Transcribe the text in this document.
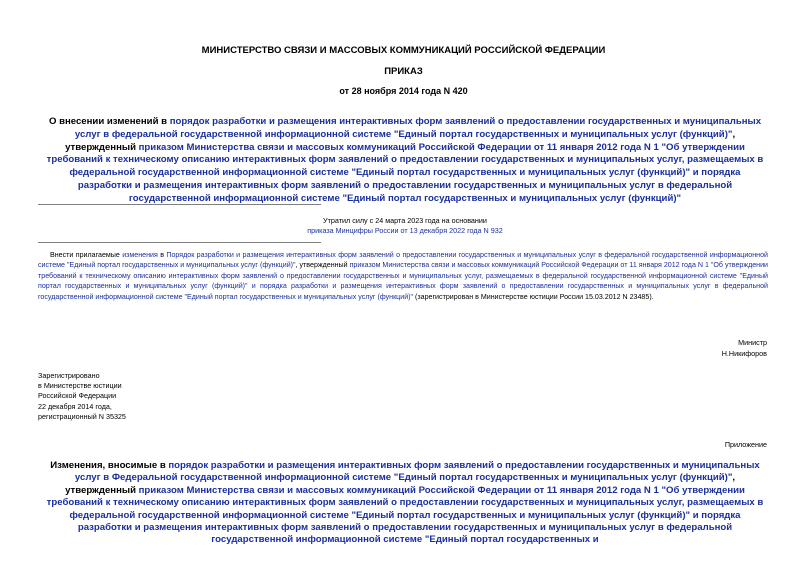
МИНИСТЕРСТВО СВЯЗИ И МАССОВЫХ КОММУНИКАЦИЙ РОССИЙСКОЙ ФЕДЕРАЦИИ
ПРИКАЗ
от 28 ноября 2014 года N 420
О внесении изменений в порядок разработки и размещения интерактивных форм заявлений о предоставлении государственных и муниципальных услуг в федеральной государственной информационной системе "Единый портал государственных и муниципальных услуг (функций)", утвержденный приказом Министерства связи и массовых коммуникаций Российской Федерации от 11 января 2012 года N 1 "Об утверждении требований к техническому описанию интерактивных форм заявлений о предоставлении государственных и муниципальных услуг, размещаемых в федеральной государственной информационной системе "Единый портал государственных и муниципальных услуг (функций)" и порядка разработки и размещения интерактивных форм заявлений о предоставлении государственных и муниципальных услуг в федеральной государственной информационной системе "Единый портал государственных и муниципальных услуг (функций)"
Утратил силу с 24 марта 2023 года на основании
приказа Минцифры России от 13 декабря 2022 года N 932
Внести прилагаемые изменения в Порядок разработки и размещения интерактивных форм заявлений о предоставлении государственных и муниципальных услуг в федеральной государственной информационной системе "Единый портал государственных и муниципальных услуг (функций)", утвержденный приказом Министерства связи и массовых коммуникаций Российской Федерации от 11 января 2012 года N 1 "Об утверждении требований к техническому описанию интерактивных форм заявлений о предоставлении государственных и муниципальных услуг, размещаемых в федеральной государственной информационной системе "Единый портал государственных и муниципальных услуг (функций)" и порядка разработки и размещения интерактивных форм заявлений о предоставлении государственных и муниципальных услуг в федеральной государственной информационной системе "Единый портал государственных и муниципальных услуг (функций)" (зарегистрирован в Министерстве юстиции России 15.03.2012 N 23485).
Министр
Н.Никифоров
Зарегистрировано
в Министерстве юстиции
Российской Федерации
22 декабря 2014 года,
регистрационный N 35325
Приложение
Изменения, вносимые в порядок разработки и размещения интерактивных форм заявлений о предоставлении государственных и муниципальных услуг в Федеральной государственной информационной системе "Единый портал государственных и муниципальных услуг (функций)", утвержденный приказом Министерства связи и массовых коммуникаций Российской Федерации от 11 января 2012 года N 1 "Об утверждении требований к техническому описанию интерактивных форм заявлений о предоставлении государственных и муниципальных услуг, размещаемых в федеральной государственной информационной системе "Единый портал государственных и муниципальных услуг (функций)" и порядка разработки и размещения интерактивных форм заявлений о предоставлении государственных и муниципальных услуг в федеральной государственной информационной системе "Единый портал государственных и
